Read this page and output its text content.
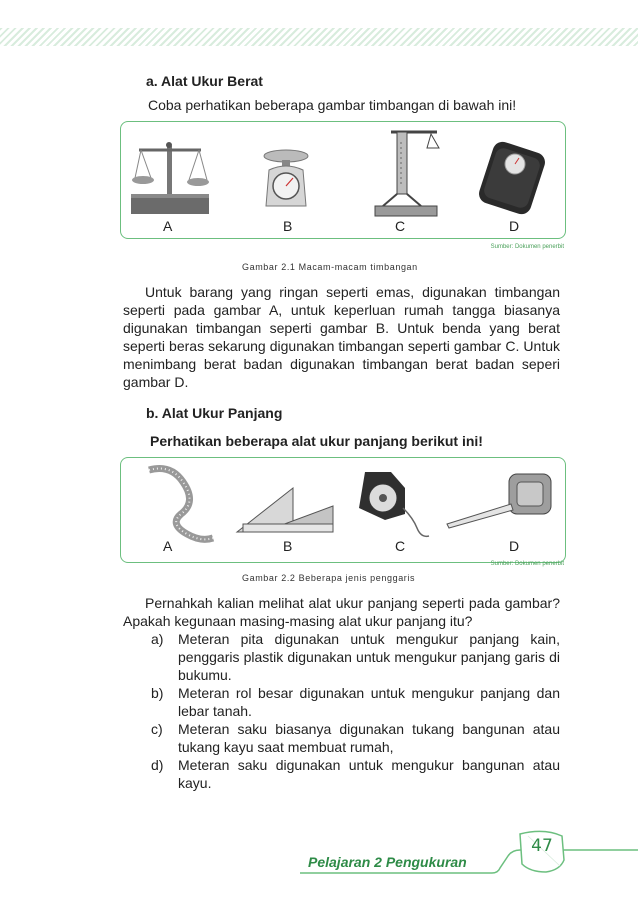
a. Alat Ukur Berat
Coba perhatikan beberapa gambar timbangan di bawah ini!
A	B	C	D
Sumber: Dokumen penerbit
Gambar 2.1 Macam-macam timbangan

Untuk barang yang ringan seperti emas, digunakan timbangan seperti pada gambar A, untuk keperluan rumah tangga biasanya digunakan timbangan seperti gambar B. Untuk benda yang berat seperti beras sekarung digunakan timbangan seperti gambar C. Untuk menimbang berat badan digunakan timbangan berat badan seperi gambar D.

b. Alat Ukur Panjang
Perhatikan beberapa alat ukur panjang berikut ini!
A	B	C	D
Sumber: Dokumen penerbit
Gambar 2.2 Beberapa jenis penggaris

Pernahkah kalian melihat alat ukur panjang seperti pada gambar? Apakah kegunaan masing-masing alat ukur panjang itu?

a) Meteran pita digunakan untuk mengukur panjang kain, penggaris plastik digunakan untuk mengukur panjang garis di bukumu.
b) Meteran rol besar digunakan untuk mengukur panjang dan lebar tanah.
c) Meteran saku biasanya digunakan tukang bangunan atau tukang kayu saat membuat rumah,
d) Meteran saku digunakan untuk mengukur bangunan atau kayu.
Pelajaran 2 Pengukuran
47
